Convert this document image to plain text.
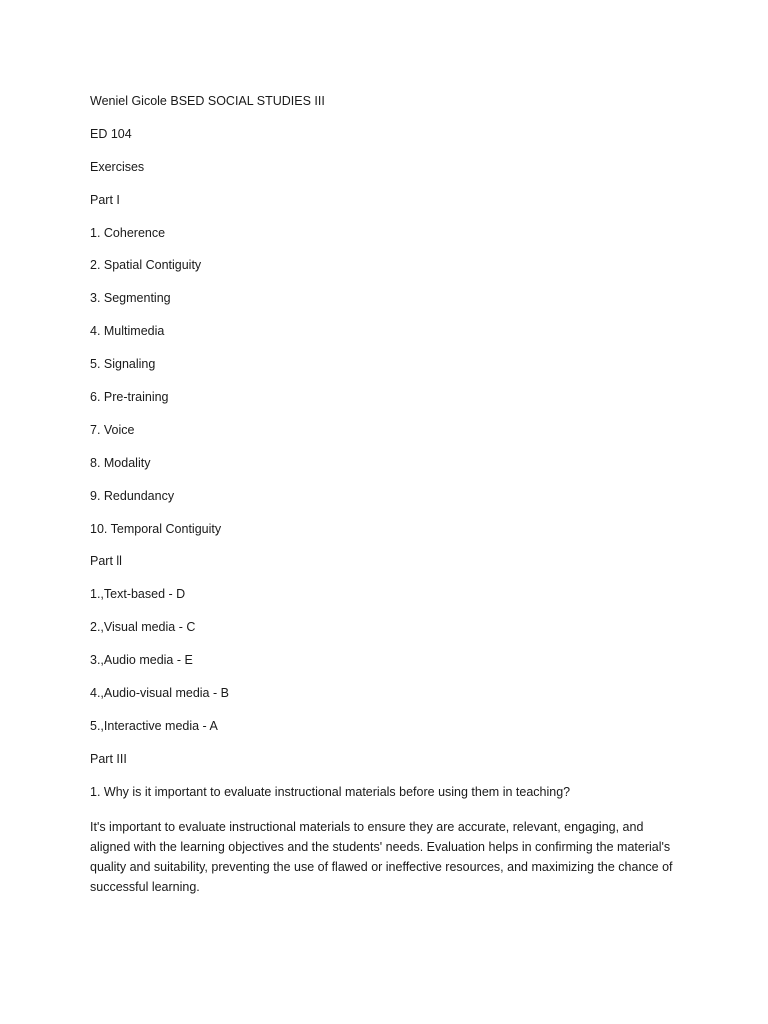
Weniel Gicole BSED SOCIAL STUDIES III
ED 104
Exercises
Part I
1. Coherence
2. Spatial Contiguity
3. Segmenting
4. Multimedia
5. Signaling
6. Pre-training
7. Voice
8. Modality
9. Redundancy
10. Temporal Contiguity
Part ll
1.,Text-based - D
2.,Visual media - C
3.,Audio media - E
4.,Audio-visual media - B
5.,Interactive media - A
Part III
1. Why is it important to evaluate instructional materials before using them in teaching?

It's important to evaluate instructional materials to ensure they are accurate, relevant, engaging, and aligned with the learning objectives and the students' needs. Evaluation helps in confirming the material's quality and suitability, preventing the use of flawed or ineffective resources, and maximizing the chance of successful learning.
